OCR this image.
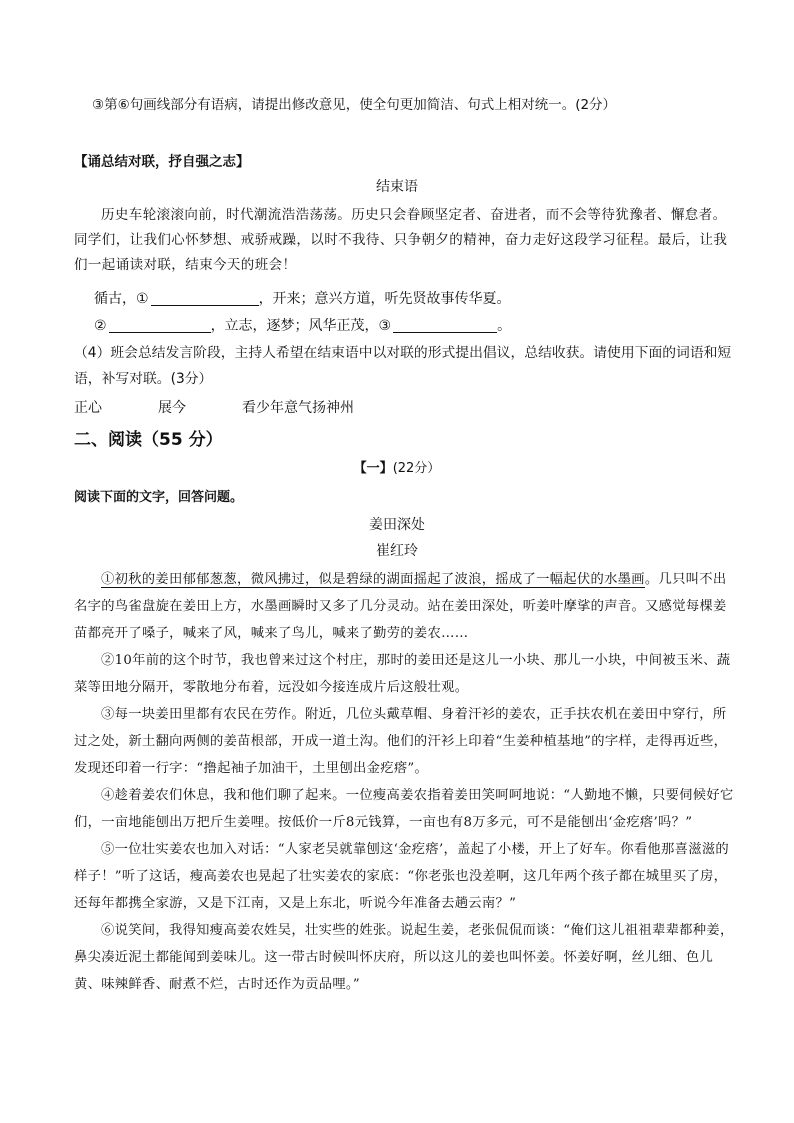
③第⑥句画线部分有语病，请提出修改意见，使全句更加简洁、句式上相对统一。(2分）
【诵总结对联，抒自强之志】
结束语
历史车轮滚滚向前，时代潮流浩浩荡荡。历史只会眷顾坚定者、奋进者，而不会等待犹豫者、懈怠者。同学们，让我们心怀梦想、戒骄戒躁，以时不我待、只争朝夕的精神，奋力走好这段学习征程。最后，让我们一起诵读对联，结束今天的班会！
循古，①	，开来；意兴方道，听先贤故事传华夏。
②	，立志，逐梦；风华正茂，③	。
（4）班会总结发言阶段，主持人希望在结束语中以对联的形式提出倡议，总结收获。请使用下面的词语和短语，补写对联。(3分）
正心	展今	看少年意气扬神州
二、阅读（55 分）
【一】(22分）
阅读下面的文字，回答问题。
姜田深处
崔红玲

①初秋的姜田郁郁葱葱，微风拂过，似是碧绿的湖面摇起了波浪，摇成了一幅起伏的水墨画。几只叫不出名字的鸟雀盘旋在姜田上方，水墨画瞬时又多了几分灵动。站在姜田深处，听姜叶摩挲的声音。又感觉每棵姜苗都亮开了嗓子，喊来了风，喊来了鸟儿，喊来了勤劳的姜农……

②10年前的这个时节，我也曾来过这个村庄，那时的姜田还是这儿一小块、那儿一小块，中间被玉米、蔬菜等田地分隔开，零散地分布着，远没如今接连成片后这般壮观。

③每一块姜田里都有农民在劳作。附近，几位头戴草帽、身着汗衫的姜农，正手扶农机在姜田中穿行，所过之处，新土翻向两侧的姜苗根部，开成一道土沟。他们的汗衫上印着“生姜种植基地”的字样，走得再近些，发现还印着一行字：“撸起袖子加油干，土里刨出金疙瘩”。

④趁着姜农们休息，我和他们聊了起来。一位瘦高姜农指着姜田笑呵呵地说：“人勤地不懒，只要伺候好它们，一亩地能刨出万把斤生姜哩。按低价一斤8元钱算，一亩也有8万多元，可不是能刨出‘金疙瘩’吗？”

⑤一位壮实姜农也加入对话：“人家老吴就靠刨这‘金疙瘩’，盖起了小楼，开上了好车。你看他那喜滋滋的样子！”听了这话，瘦高姜农也晃起了壮实姜农的家底：“你老张也没差啊，这几年两个孩子都在城里买了房，还每年都携全家游，又是下江南，又是上东北，听说今年准备去趟云南？”

⑥说笑间，我得知瘦高姜农姓吴，壮实些的姓张。说起生姜，老张侃侃而谈：“俺们这儿祖祖辈辈都种姜，鼻尖凑近泥土都能闻到姜味儿。这一带古时候叫怀庆府，所以这儿的姜也叫怀姜。怀姜好啊，丝儿细、色儿黄、味辣鲜香、耐煮不烂，古时还作为贡品哩。”
